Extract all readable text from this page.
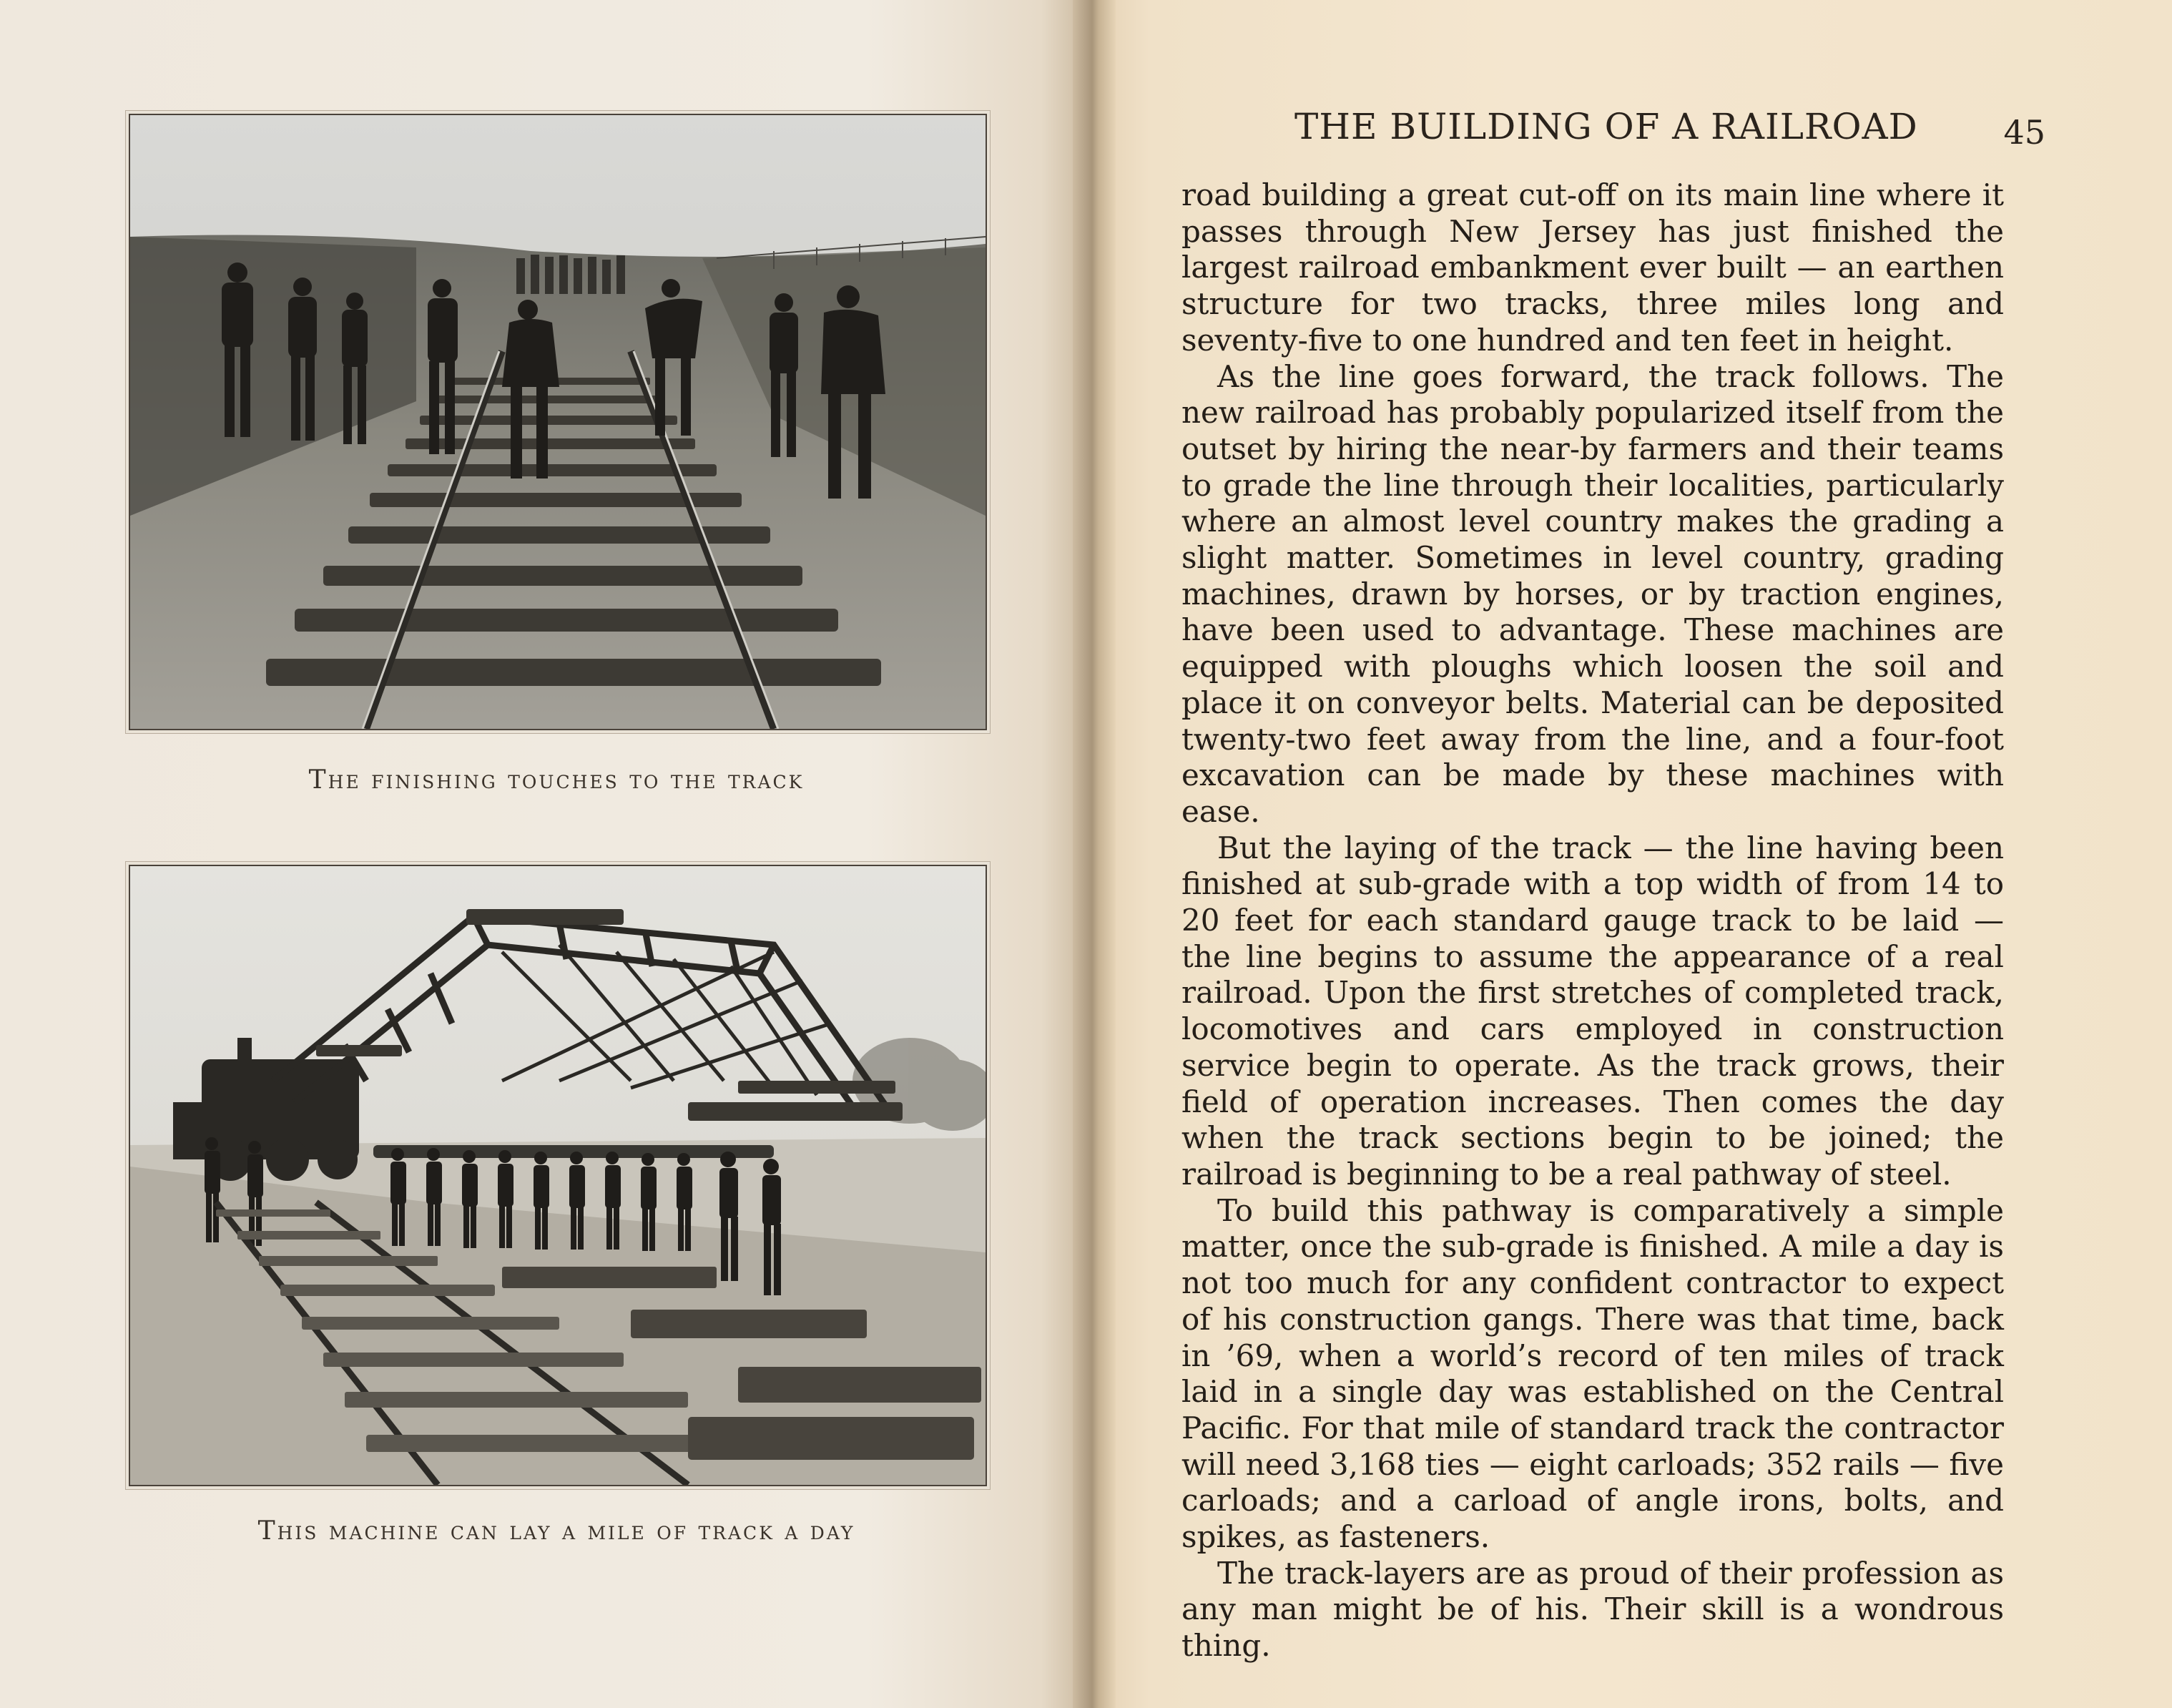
The finishing touches to the track
This machine can lay a mile of track a day
THE BUILDING OF A RAILROAD	45

road building a great cut-off on its main line where it passes through New Jersey has just finished the largest railroad embankment ever built — an earthen structure for two tracks, three miles long and seventy-five to one hundred and ten feet in height.

As the line goes forward, the track follows. The new railroad has probably popularized itself from the outset by hiring the near-by farmers and their teams to grade the line through their localities, particularly where an almost level country makes the grading a slight matter. Sometimes in level country, grading machines, drawn by horses, or by traction engines, have been used to advantage. These machines are equipped with ploughs which loosen the soil and place it on conveyor belts. Material can be deposited twenty-two feet away from the line, and a four-foot excavation can be made by these machines with ease.

But the laying of the track — the line having been finished at sub-grade with a top width of from 14 to 20 feet for each standard gauge track to be laid — the line begins to assume the appearance of a real railroad. Upon the first stretches of completed track, locomotives and cars employed in construction service begin to operate. As the track grows, their field of operation increases. Then comes the day when the track sections begin to be joined; the railroad is beginning to be a real pathway of steel.

To build this pathway is comparatively a simple matter, once the sub-grade is finished. A mile a day is not too much for any confident contractor to expect of his construction gangs. There was that time, back in ’69, when a world’s record of ten miles of track laid in a single day was established on the Central Pacific. For that mile of standard track the contractor will need 3,168 ties — eight carloads; 352 rails — five carloads; and a carload of angle irons, bolts, and spikes, as fasteners.

The track-layers are as proud of their profession as any man might be of his. Their skill is a wondrous thing.
